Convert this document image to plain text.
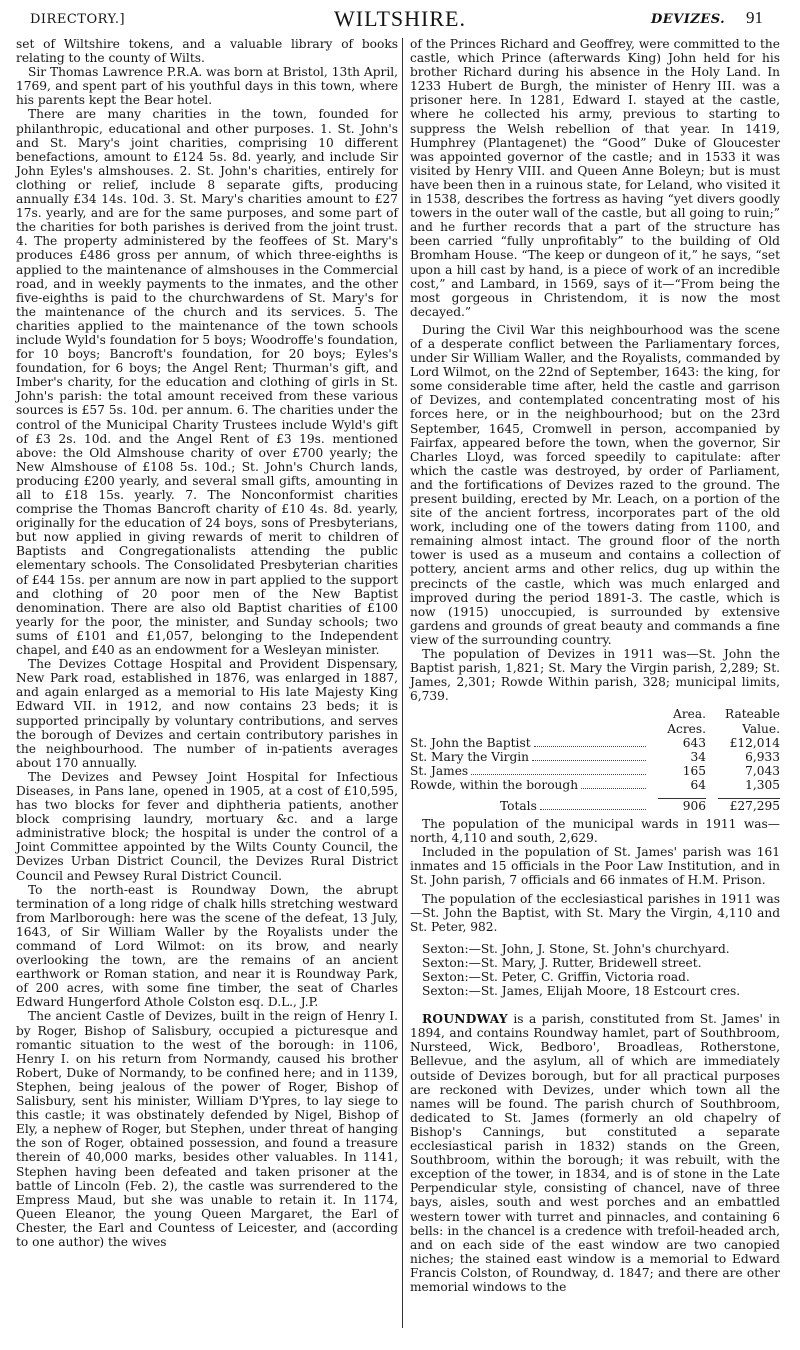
DIRECTORY.]	WILTSHIRE.	DEVIZES. 91

set of Wiltshire tokens, and a valuable library of books relating to the county of Wilts.

Sir Thomas Lawrence P.R.A. was born at Bristol, 13th April, 1769, and spent part of his youthful days in this town, where his parents kept the Bear hotel.

There are many charities in the town, founded for philanthropic, educational and other purposes. 1. St. John's and St. Mary's joint charities, comprising 10 different benefactions, amount to £124 5s. 8d. yearly, and include Sir John Eyles's almshouses. 2. St. John's charities, entirely for clothing or relief, include 8 separate gifts, producing annually £34 14s. 10d. 3. St. Mary's charities amount to £27 17s. yearly, and are for the same purposes, and some part of the charities for both parishes is derived from the joint trust. 4. The property administered by the feoffees of St. Mary's produces £486 gross per annum, of which three-eighths is applied to the maintenance of almshouses in the Commercial road, and in weekly payments to the inmates, and the other five-eighths is paid to the churchwardens of St. Mary's for the maintenance of the church and its services. 5. The charities applied to the maintenance of the town schools include Wyld's foundation for 5 boys; Woodroffe's foundation, for 10 boys; Bancroft's foundation, for 20 boys; Eyles's foundation, for 6 boys; the Angel Rent; Thurman's gift, and Imber's charity, for the education and clothing of girls in St. John's parish: the total amount received from these various sources is £57 5s. 10d. per annum. 6. The charities under the control of the Municipal Charity Trustees include Wyld's gift of £3 2s. 10d. and the Angel Rent of £3 19s. mentioned above: the Old Almshouse charity of over £700 yearly; the New Almshouse of £108 5s. 10d.; St. John's Church lands, producing £200 yearly, and several small gifts, amounting in all to £18 15s. yearly. 7. The Nonconformist charities comprise the Thomas Bancroft charity of £10 4s. 8d. yearly, originally for the education of 24 boys, sons of Presbyterians, but now applied in giving rewards of merit to children of Baptists and Congregationalists attending the public elementary schools. The Consolidated Presbyterian charities of £44 15s. per annum are now in part applied to the support and clothing of 20 poor men of the New Baptist denomination. There are also old Baptist charities of £100 yearly for the poor, the minister, and Sunday schools; two sums of £101 and £1,057, belonging to the Independent chapel, and £40 as an endowment for a Wesleyan minister.

The Devizes Cottage Hospital and Provident Dispensary, New Park road, established in 1876, was enlarged in 1887, and again enlarged as a memorial to His late Majesty King Edward VII. in 1912, and now contains 23 beds; it is supported principally by voluntary contributions, and serves the borough of Devizes and certain contributory parishes in the neighbourhood. The number of in-patients averages about 170 annually.

The Devizes and Pewsey Joint Hospital for Infectious Diseases, in Pans lane, opened in 1905, at a cost of £10,595, has two blocks for fever and diphtheria patients, another block comprising laundry, mortuary &c. and a large administrative block; the hospital is under the control of a Joint Committee appointed by the Wilts County Council, the Devizes Urban District Council, the Devizes Rural District Council and Pewsey Rural District Council.

To the north-east is Roundway Down, the abrupt termination of a long ridge of chalk hills stretching westward from Marlborough: here was the scene of the defeat, 13 July, 1643, of Sir William Waller by the Royalists under the command of Lord Wilmot: on its brow, and nearly overlooking the town, are the remains of an ancient earthwork or Roman station, and near it is Roundway Park, of 200 acres, with some fine timber, the seat of Charles Edward Hungerford Athole Colston esq. D.L., J.P.

The ancient Castle of Devizes, built in the reign of Henry I. by Roger, Bishop of Salisbury, occupied a picturesque and romantic situation to the west of the borough: in 1106, Henry I. on his return from Normandy, caused his brother Robert, Duke of Normandy, to be confined here; and in 1139, Stephen, being jealous of the power of Roger, Bishop of Salisbury, sent his minister, William D'Ypres, to lay siege to this castle; it was obstinately defended by Nigel, Bishop of Ely, a nephew of Roger, but Stephen, under threat of hanging the son of Roger, obtained possession, and found a treasure therein of 40,000 marks, besides other valuables. In 1141, Stephen having been defeated and taken prisoner at the battle of Lincoln (Feb. 2), the castle was surrendered to the Empress Maud, but she was unable to retain it. In 1174, Queen Eleanor, the young Queen Margaret, the Earl of Chester, the Earl and Countess of Leicester, and (according to one author) the wives

of the Princes Richard and Geoffrey, were committed to the castle, which Prince (afterwards King) John held for his brother Richard during his absence in the Holy Land. In 1233 Hubert de Burgh, the minister of Henry III. was a prisoner here. In 1281, Edward I. stayed at the castle, where he collected his army, previous to starting to suppress the Welsh rebellion of that year. In 1419, Humphrey (Plantagenet) the “Good” Duke of Gloucester was appointed governor of the castle; and in 1533 it was visited by Henry VIII. and Queen Anne Boleyn; but is must have been then in a ruinous state, for Leland, who visited it in 1538, describes the fortress as having “yet divers goodly towers in the outer wall of the castle, but all going to ruin;” and he further records that a part of the structure has been carried “fully unprofitably” to the building of Old Bromham House. “The keep or dungeon of it,” he says, “set upon a hill cast by hand, is a piece of work of an incredible cost,” and Lambard, in 1569, says of it—“From being the most gorgeous in Christendom, it is now the most decayed.”

During the Civil War this neighbourhood was the scene of a desperate conflict between the Parliamentary forces, under Sir William Waller, and the Royalists, commanded by Lord Wilmot, on the 22nd of September, 1643: the king, for some considerable time after, held the castle and garrison of Devizes, and contemplated concentrating most of his forces here, or in the neighbourhood; but on the 23rd September, 1645, Cromwell in person, accompanied by Fairfax, appeared before the town, when the governor, Sir Charles Lloyd, was forced speedily to capitulate: after which the castle was destroyed, by order of Parliament, and the fortifications of Devizes razed to the ground. The present building, erected by Mr. Leach, on a portion of the site of the ancient fortress, incorporates part of the old work, including one of the towers dating from 1100, and remaining almost intact. The ground floor of the north tower is used as a museum and contains a collection of pottery, ancient arms and other relics, dug up within the precincts of the castle, which was much enlarged and improved during the period 1891-3. The castle, which is now (1915) unoccupied, is surrounded by extensive gardens and grounds of great beauty and commands a fine view of the surrounding country.

The population of Devizes in 1911 was—St. John the Baptist parish, 1,821; St. Mary the Virgin parish, 2,289; St. James, 2,301; Rowde Within parish, 328; municipal limits, 6,739.

Area.	Rateable
Acres.	Value.
St. John the Baptist	643	£12,014
St. Mary the Virgin	34	6,933
St. James	165	7,043
Rowde, within the borough	64	1,305
Totals	906	£27,295

The population of the municipal wards in 1911 was—north, 4,110 and south, 2,629.

Included in the population of St. James' parish was 161 inmates and 15 officials in the Poor Law Institution, and in St. John parish, 7 officials and 66 inmates of H.M. Prison.

The population of the ecclesiastical parishes in 1911 was—St. John the Baptist, with St. Mary the Virgin, 4,110 and St. Peter, 982.

Sexton:—St. John, J. Stone, St. John's churchyard.
Sexton:—St. Mary, J. Rutter, Bridewell street.
Sexton:—St. Peter, C. Griffin, Victoria road.
Sexton:—St. James, Elijah Moore, 18 Estcourt cres.

ROUNDWAY is a parish, constituted from St. James' in 1894, and contains Roundway hamlet, part of Southbroom, Nursteed, Wick, Bedboro', Broadleas, Rotherstone, Bellevue, and the asylum, all of which are immediately outside of Devizes borough, but for all practical purposes are reckoned with Devizes, under which town all the names will be found. The parish church of Southbroom, dedicated to St. James (formerly an old chapelry of Bishop's Cannings, but constituted a separate ecclesiastical parish in 1832) stands on the Green, Southbroom, within the borough; it was rebuilt, with the exception of the tower, in 1834, and is of stone in the Late Perpendicular style, consisting of chancel, nave of three bays, aisles, south and west porches and an embattled western tower with turret and pinnacles, and containing 6 bells: in the chancel is a credence with trefoil-headed arch, and on each side of the east window are two canopied niches; the stained east window is a memorial to Edward Francis Colston, of Roundway, d. 1847; and there are other memorial windows to the
